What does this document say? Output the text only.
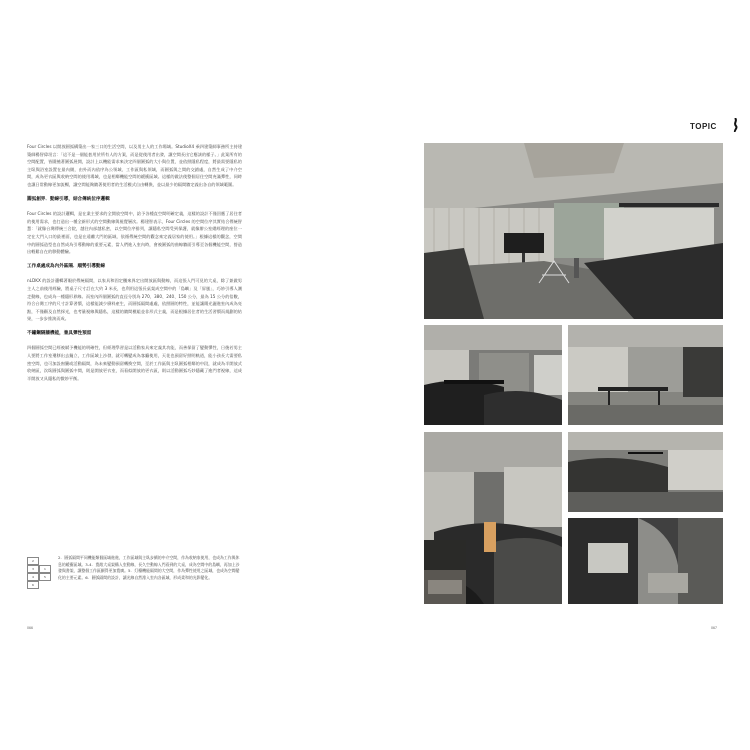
TOPIC

Four Circles 以開放圓弧構築出一家三口的生活空間，以及男主人的工作場域。StudioX4 乘四建築師事務所主持建築師楊智偉坦言：「這不是一個能套用於所有人的方案，而是從使用者出發，讓空間長出它應該的樣子。」此案所有的空間配置，皆圍繞著圓弧展開，設計上以機能需求來決定四個圓弧的大小與位置，並依照隱私程度，將最需要隱私的主臥與浴室設置在最內側，由外而內依序為公領域、工作區與私領域，而圓弧與之間的交錯處，自然生成了中介空間，成為更衣區與收納空間的使用場域，也是相鄰機能空間的緩衝區域。這樣的做法使整個居住空間充滿彈性，同時也讓日常動線更加流暢，讓空間能夠隨著使用者的生活模式自由轉換，並以最少的隔間牆定義出各自的領域範圍。

圓弧創界．動線引導，結合傳統位序邏輯

Four Circles 的設計邏輯，是在業主要求的全開放空間中，給予各種直空間明確定義，這樣的設計不僅回應了居住者的使用需求，也打造出一種全新形式的空間動線與視覺層次。楊建智表示，Four Circles 的空間位序其實結合傳統智慧：「就像台灣傳統三合院，越往內部越私密，以空間位序排列，讓隱私空間受到保護，就像辦公室總經理的座位一定在大門入口的最裡面，也是在遠離大門的區域，依循傳統空間的觀念來定義居家的使用。」根據這樣的觀念，空間中的圓弧造型也自然成為引導動線的重要元素，當人們進入室內時，會被圓弧的曲線牆面引導至各個機能空間，營造出輕鬆自在的移動體驗。

工作桌處成為內外區隔．順勢引導動線

nLDKX 的設計邏輯著眼於傳統隔間，以家具和固定櫃來界定出開放區與動線，而這張入門可見的大桌，除了兼做男主人之前使用經驗，將桌子尺寸訂在大約 3 米長，也利用這張長桌架成空間中的「島嶼」及「屏風」，巧妙引導人潮走動線，也成為一種隱形界線。而室內四個圓弧的直徑分別為 270、380、240、150 公分，最為 15 公分的倍數，符合台灣工序的尺寸計算習慣，這樣能減少廢料產生，而圓弧隔間處處，依照圓的特性，並能讓陽光灑進室內成為亮點，不僅顧及自然採光，也考量視線與隱私，這樣的隨間模組並非形式主義，而是根據居住者的生活習慣而規劃的結果，一步步推演而成。

不鏽鋼隔牆機能，兼具彈性預留

四個圓弧空間已經被賦予機能的明確性，但經理學習是以活動家具來定義其功能，而善保留了變動彈性，日後若男主人要將工作室遷移出去獨立，工作區域上沙發，就可轉變成為客廳使用，天花也預留好照明軌道，能小孩長大需要私密空間，也可加設窗簾或活動隔間，為未來變動預留轉換空間，至於工作區與主臥圓弧相鄰的中段，就成為半開放式收納區，次臥圓弧與圓弧中間，則是開放更衣室，而看似開放的更衣區，則以活動圓弧巧妙隱藏了進門者視線，這成半開放又具隱私的微妙平衡。

2
3	1
4	5
6
2．圓弧隔間平同機能類個區域進進，工作區域與主臥步續的中介空間，作為收納家使用，也成為工作與休息的緩衝區域。3-4．寬敞大桌架構入室動線，長久空動線入門看到的大桌，成為空間中的島嶼，再加上沙發與書架，讓整個工作區顯得更加寬廣。5．灯檯機能隔間的大空間，作為彈性使用之區域，也成為空間變化的主要元素。6．圓弧隔間的設計，讓光線自然滲入室內各區域，形成柔和的光影變化。
066	067
